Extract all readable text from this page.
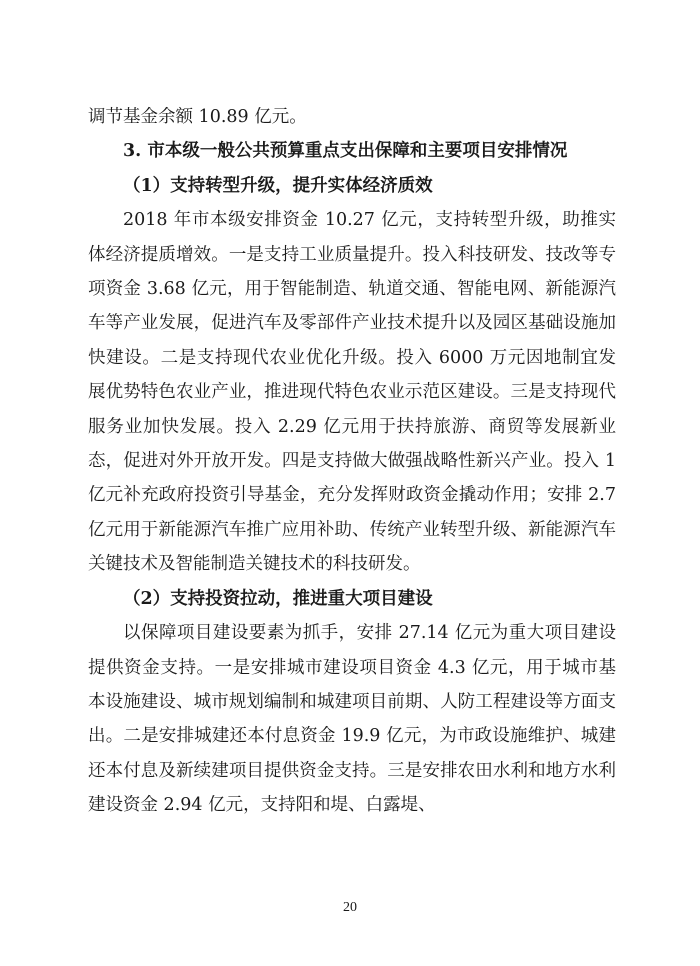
调节基金余额 10.89 亿元。

3. 市本级一般公共预算重点支出保障和主要项目安排情况

（1）支持转型升级，提升实体经济质效

2018 年市本级安排资金 10.27 亿元，支持转型升级，助推实体经济提质增效。一是支持工业质量提升。投入科技研发、技改等专项资金 3.68 亿元，用于智能制造、轨道交通、智能电网、新能源汽车等产业发展，促进汽车及零部件产业技术提升以及园区基础设施加快建设。二是支持现代农业优化升级。投入 6000 万元因地制宜发展优势特色农业产业，推进现代特色农业示范区建设。三是支持现代服务业加快发展。投入 2.29 亿元用于扶持旅游、商贸等发展新业态，促进对外开放开发。四是支持做大做强战略性新兴产业。投入 1 亿元补充政府投资引导基金，充分发挥财政资金撬动作用；安排 2.7 亿元用于新能源汽车推广应用补助、传统产业转型升级、新能源汽车关键技术及智能制造关键技术的科技研发。

（2）支持投资拉动，推进重大项目建设

以保障项目建设要素为抓手，安排 27.14 亿元为重大项目建设提供资金支持。一是安排城市建设项目资金 4.3 亿元，用于城市基本设施建设、城市规划编制和城建项目前期、人防工程建设等方面支出。二是安排城建还本付息资金 19.9 亿元，为市政设施维护、城建还本付息及新续建项目提供资金支持。三是安排农田水利和地方水利建设资金 2.94 亿元，支持阳和堤、白露堤、

20
